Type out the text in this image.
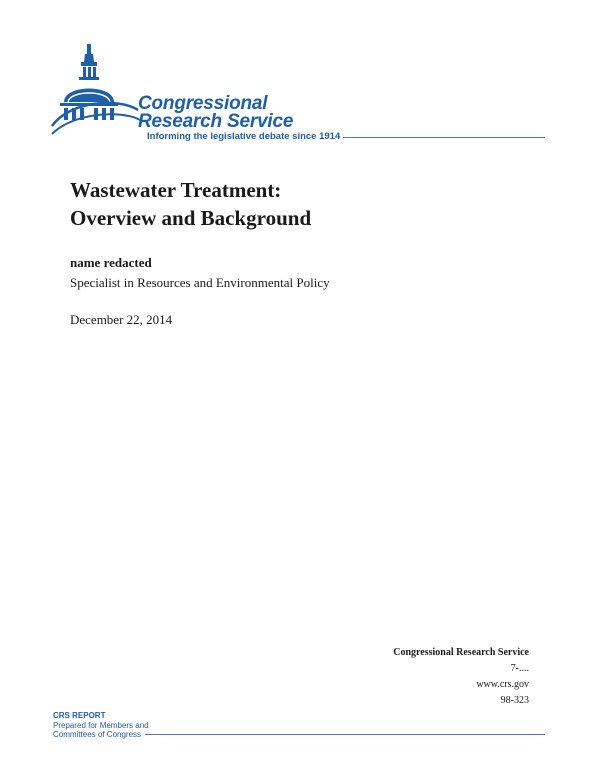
Congressional
Research Service
Informing the legislative debate since 1914
Wastewater Treatment:
Overview and Background
name redacted
Specialist in Resources and Environmental Policy
December 22, 2014
Congressional Research Service
7-....
www.crs.gov
98-323
CRS REPORT
Prepared for Members and
Committees of Congress
